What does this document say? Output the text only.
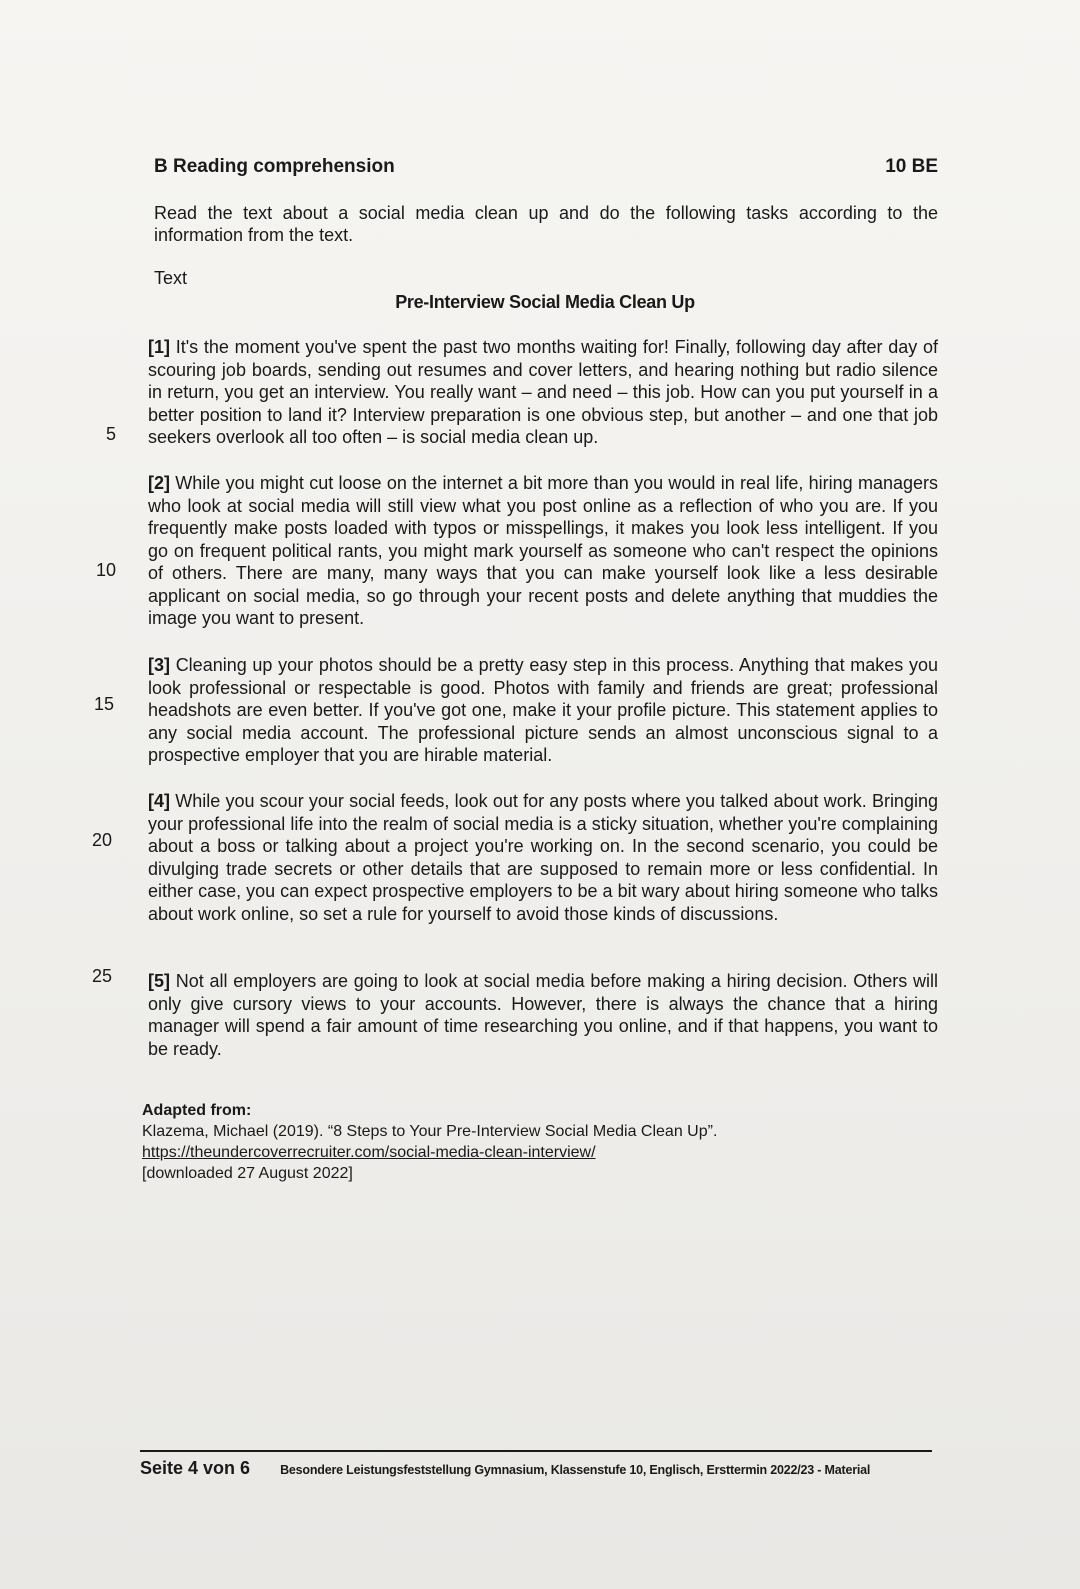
B Reading comprehension	10 BE
Read the text about a social media clean up and do the following tasks according to the information from the text.
Text
Pre-Interview Social Media Clean Up
[1] It's the moment you've spent the past two months waiting for! Finally, following day after day of scouring job boards, sending out resumes and cover letters, and hearing nothing but radio silence in return, you get an interview. You really want – and need – this job. How can you put yourself in a better position to land it? Interview preparation is one obvious step, but another – and one that job seekers overlook all too often – is social media clean up.
[2] While you might cut loose on the internet a bit more than you would in real life, hiring managers who look at social media will still view what you post online as a reflection of who you are. If you frequently make posts loaded with typos or misspellings, it makes you look less intelligent. If you go on frequent political rants, you might mark yourself as someone who can't respect the opinions of others. There are many, many ways that you can make yourself look like a less desirable applicant on social media, so go through your recent posts and delete anything that muddies the image you want to present.
[3] Cleaning up your photos should be a pretty easy step in this process. Anything that makes you look professional or respectable is good. Photos with family and friends are great; professional headshots are even better. If you've got one, make it your profile picture. This statement applies to any social media account. The professional picture sends an almost unconscious signal to a prospective employer that you are hirable material.
[4] While you scour your social feeds, look out for any posts where you talked about work. Bringing your professional life into the realm of social media is a sticky situation, whether you're complaining about a boss or talking about a project you're working on. In the second scenario, you could be divulging trade secrets or other details that are supposed to remain more or less confidential. In either case, you can expect prospective employers to be a bit wary about hiring someone who talks about work online, so set a rule for yourself to avoid those kinds of discussions.
[5] Not all employers are going to look at social media before making a hiring decision. Others will only give cursory views to your accounts. However, there is always the chance that a hiring manager will spend a fair amount of time researching you online, and if that happens, you want to be ready.
5
10
15
20
25
Adapted from:
Klazema, Michael (2019). “8 Steps to Your Pre-Interview Social Media Clean Up”.
https://theundercoverrecruiter.com/social-media-clean-interview/
[downloaded 27 August 2022]
Seite 4 von 6 Besondere Leistungsfeststellung Gymnasium, Klassenstufe 10, Englisch, Ersttermin 2022/23 - Material
